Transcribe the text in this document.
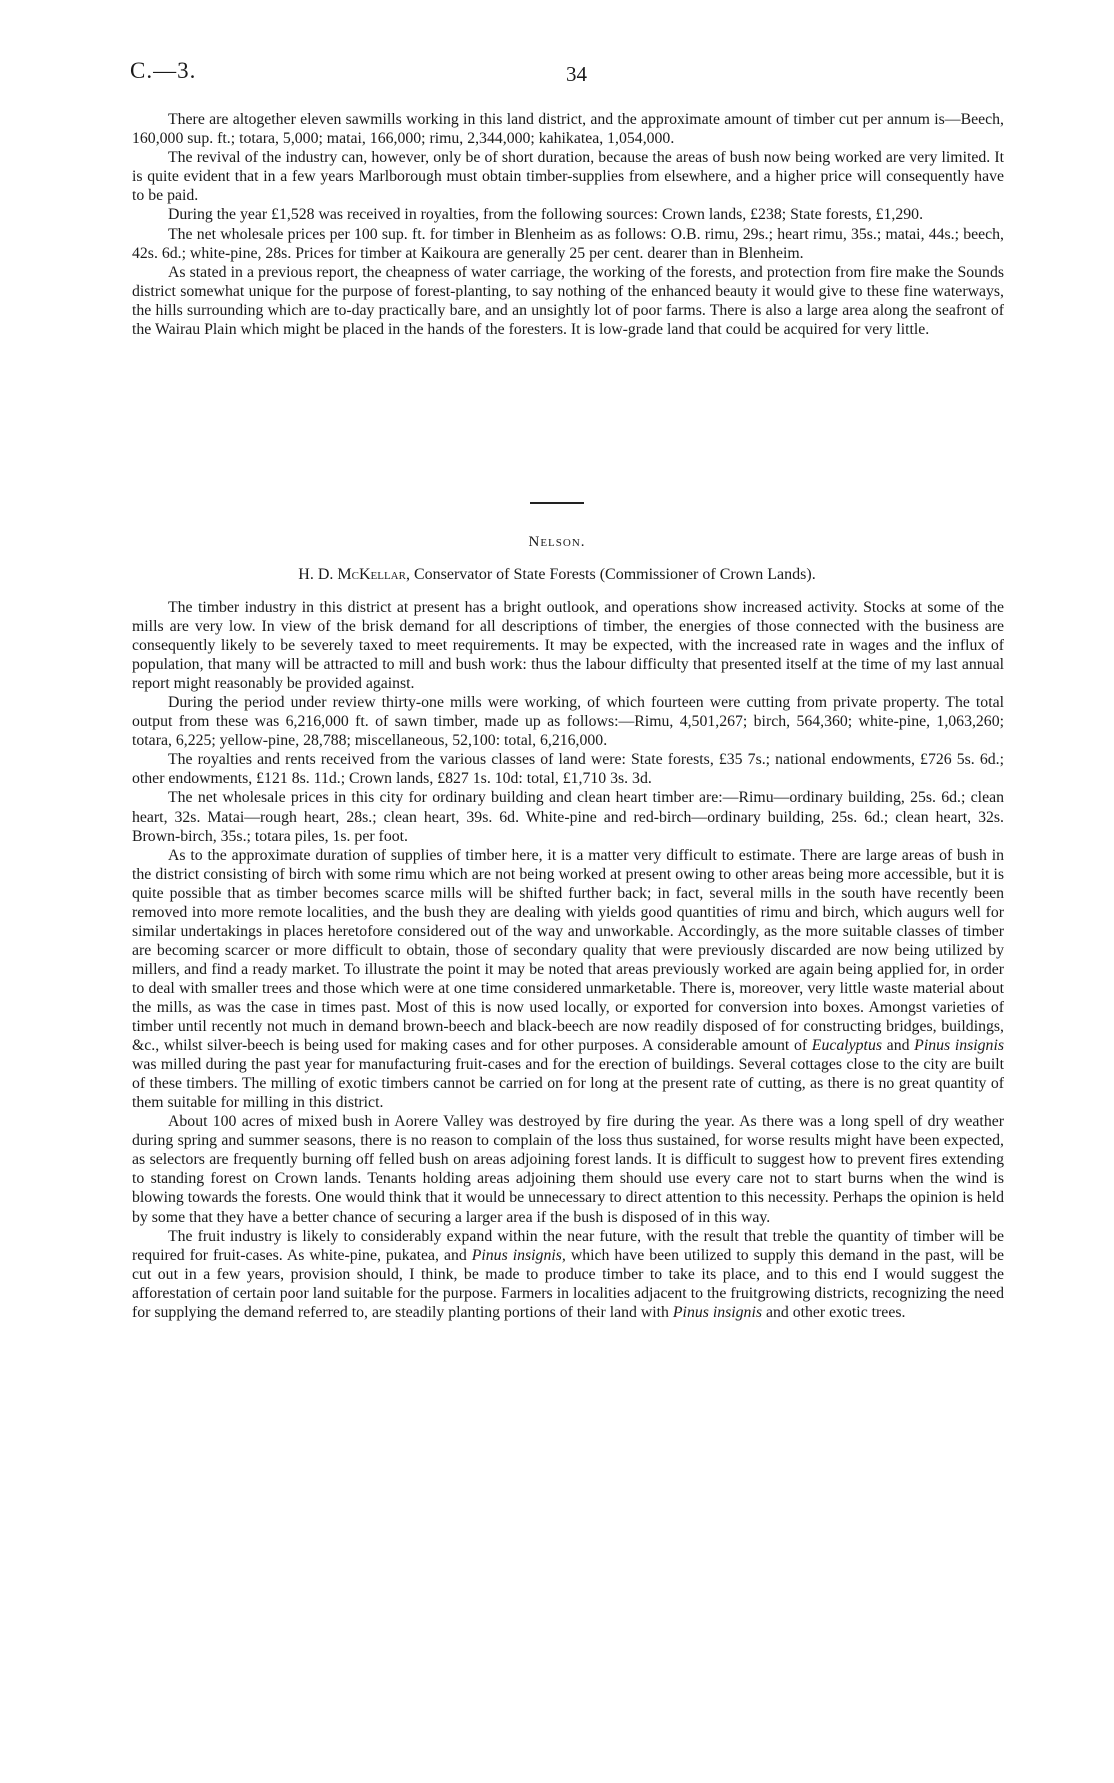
C.—3.	34

There are altogether eleven sawmills working in this land district, and the approximate amount of timber cut per annum is—Beech, 160,000 sup. ft.; totara, 5,000; matai, 166,000; rimu, 2,344,000; kahikatea, 1,054,000.

The revival of the industry can, however, only be of short duration, because the areas of bush now being worked are very limited. It is quite evident that in a few years Marlborough must obtain timber-supplies from elsewhere, and a higher price will consequently have to be paid.

During the year £1,528 was received in royalties, from the following sources: Crown lands, £238; State forests, £1,290.

The net wholesale prices per 100 sup. ft. for timber in Blenheim as as follows: O.B. rimu, 29s.; heart rimu, 35s.; matai, 44s.; beech, 42s. 6d.; white-pine, 28s. Prices for timber at Kaikoura are generally 25 per cent. dearer than in Blenheim.

As stated in a previous report, the cheapness of water carriage, the working of the forests, and protection from fire make the Sounds district somewhat unique for the purpose of forest-planting, to say nothing of the enhanced beauty it would give to these fine waterways, the hills surrounding which are to-day practically bare, and an unsightly lot of poor farms. There is also a large area along the seafront of the Wairau Plain which might be placed in the hands of the foresters. It is low-grade land that could be acquired for very little.

Nelson.
H. D. McKellar, Conservator of State Forests (Commissioner of Crown Lands).

The timber industry in this district at present has a bright outlook, and operations show increased activity. Stocks at some of the mills are very low. In view of the brisk demand for all descriptions of timber, the energies of those connected with the business are consequently likely to be severely taxed to meet requirements. It may be expected, with the increased rate in wages and the influx of population, that many will be attracted to mill and bush work: thus the labour difficulty that presented itself at the time of my last annual report might reasonably be provided against.

During the period under review thirty-one mills were working, of which fourteen were cutting from private property. The total output from these was 6,216,000 ft. of sawn timber, made up as follows:—Rimu, 4,501,267; birch, 564,360; white-pine, 1,063,260; totara, 6,225; yellow-pine, 28,788; miscellaneous, 52,100: total, 6,216,000.

The royalties and rents received from the various classes of land were: State forests, £35 7s.; national endowments, £726 5s. 6d.; other endowments, £121 8s. 11d.; Crown lands, £827 1s. 10d: total, £1,710 3s. 3d.

The net wholesale prices in this city for ordinary building and clean heart timber are:—Rimu—ordinary building, 25s. 6d.; clean heart, 32s. Matai—rough heart, 28s.; clean heart, 39s. 6d. White-pine and red-birch—ordinary building, 25s. 6d.; clean heart, 32s. Brown-birch, 35s.; totara piles, 1s. per foot.

As to the approximate duration of supplies of timber here, it is a matter very difficult to estimate. There are large areas of bush in the district consisting of birch with some rimu which are not being worked at present owing to other areas being more accessible, but it is quite possible that as timber becomes scarce mills will be shifted further back; in fact, several mills in the south have recently been removed into more remote localities, and the bush they are dealing with yields good quantities of rimu and birch, which augurs well for similar undertakings in places heretofore considered out of the way and unworkable. Accordingly, as the more suitable classes of timber are becoming scarcer or more difficult to obtain, those of secondary quality that were previously discarded are now being utilized by millers, and find a ready market. To illustrate the point it may be noted that areas previously worked are again being applied for, in order to deal with smaller trees and those which were at one time considered unmarketable. There is, moreover, very little waste material about the mills, as was the case in times past. Most of this is now used locally, or exported for conversion into boxes. Amongst varieties of timber until recently not much in demand brown-beech and black-beech are now readily disposed of for constructing bridges, buildings, &c., whilst silver-beech is being used for making cases and for other purposes. A considerable amount of Eucalyptus and Pinus insignis was milled during the past year for manufacturing fruit-cases and for the erection of buildings. Several cottages close to the city are built of these timbers. The milling of exotic timbers cannot be carried on for long at the present rate of cutting, as there is no great quantity of them suitable for milling in this district.

About 100 acres of mixed bush in Aorere Valley was destroyed by fire during the year. As there was a long spell of dry weather during spring and summer seasons, there is no reason to complain of the loss thus sustained, for worse results might have been expected, as selectors are frequently burning off felled bush on areas adjoining forest lands. It is difficult to suggest how to prevent fires extending to standing forest on Crown lands. Tenants holding areas adjoining them should use every care not to start burns when the wind is blowing towards the forests. One would think that it would be unnecessary to direct attention to this necessity. Perhaps the opinion is held by some that they have a better chance of securing a larger area if the bush is disposed of in this way.

The fruit industry is likely to considerably expand within the near future, with the result that treble the quantity of timber will be required for fruit-cases. As white-pine, pukatea, and Pinus insignis, which have been utilized to supply this demand in the past, will be cut out in a few years, provision should, I think, be made to produce timber to take its place, and to this end I would suggest the afforestation of certain poor land suitable for the purpose. Farmers in localities adjacent to the fruitgrowing districts, recognizing the need for supplying the demand referred to, are steadily planting portions of their land with Pinus insignis and other exotic trees.
